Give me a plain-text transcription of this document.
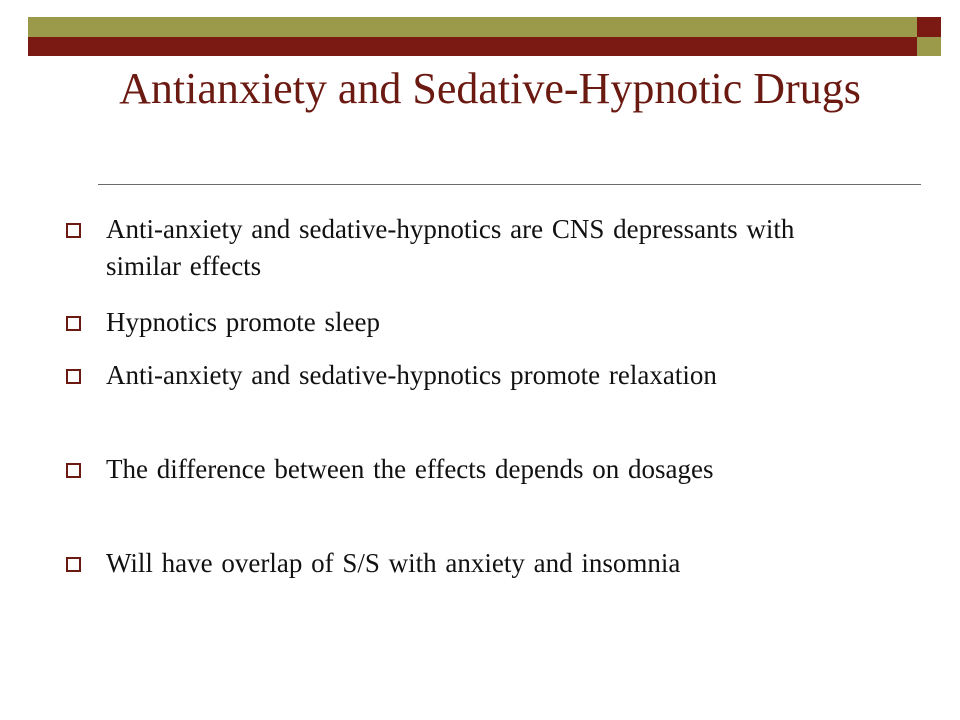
Antianxiety and Sedative-Hypnotic Drugs
Anti-anxiety and sedative-hypnotics are CNS depressants with similar effects
Hypnotics promote sleep
Anti-anxiety and sedative-hypnotics promote relaxation
The difference between the effects depends on dosages
Will have overlap of S/S with anxiety and insomnia
